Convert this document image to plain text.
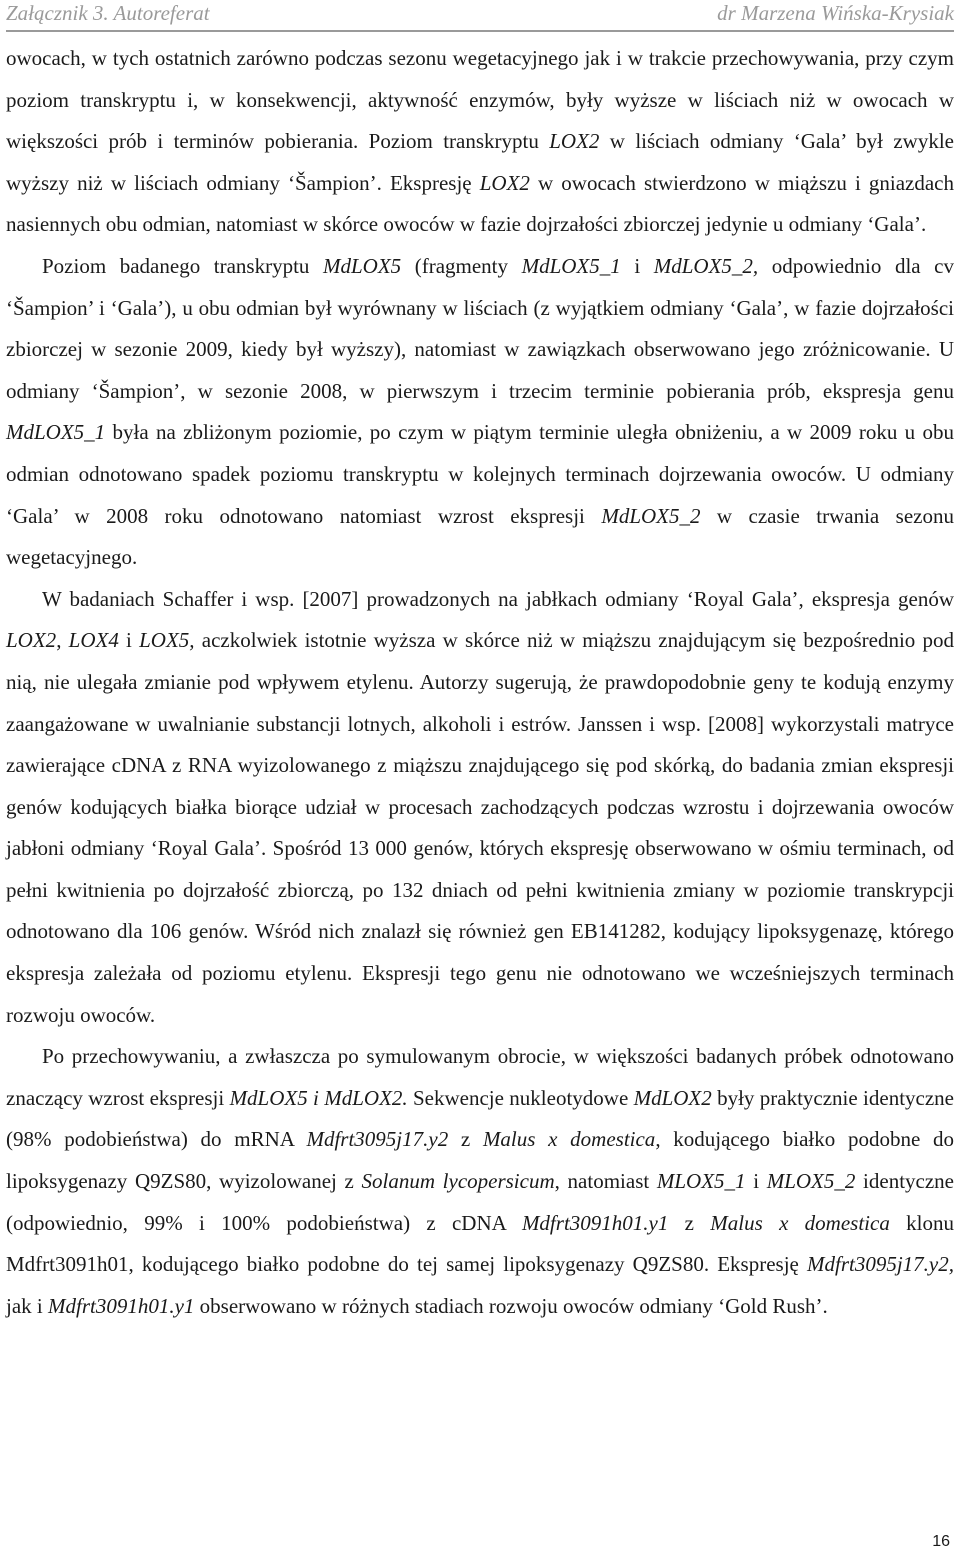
Załącznik 3. Autoreferat	dr Marzena Wińska-Krysiak

owocach, w tych ostatnich zarówno podczas sezonu wegetacyjnego jak i w trakcie przechowywania, przy czym poziom transkryptu i, w konsekwencji, aktywność enzymów, były wyższe w liściach niż w owocach w większości prób i terminów pobierania. Poziom transkryptu LOX2 w liściach odmiany ‘Gala’ był zwykle wyższy niż w liściach odmiany ‘Šampion’. Ekspresję LOX2 w owocach stwierdzono w miąższu i gniazdach nasiennych obu odmian, natomiast w skórce owoców w fazie dojrzałości zbiorczej jedynie u odmiany ‘Gala’.

Poziom badanego transkryptu MdLOX5 (fragmenty MdLOX5_1 i MdLOX5_2, odpowiednio dla cv ‘Šampion’ i ‘Gala’), u obu odmian był wyrównany w liściach (z wyjątkiem odmiany ‘Gala’, w fazie dojrzałości zbiorczej w sezonie 2009, kiedy był wyższy), natomiast w zawiązkach obserwowano jego zróżnicowanie. U odmiany ‘Šampion’, w sezonie 2008, w pierwszym i trzecim terminie pobierania prób, ekspresja genu MdLOX5_1 była na zbliżonym poziomie, po czym w piątym terminie uległa obniżeniu, a w 2009 roku u obu odmian odnotowano spadek poziomu transkryptu w kolejnych terminach dojrzewania owoców. U odmiany ‘Gala’ w 2008 roku odnotowano natomiast wzrost ekspresji MdLOX5_2 w czasie trwania sezonu wegetacyjnego.

W badaniach Schaffer i wsp. [2007] prowadzonych na jabłkach odmiany ‘Royal Gala’, ekspresja genów LOX2, LOX4 i LOX5, aczkolwiek istotnie wyższa w skórce niż w miąższu znajdującym się bezpośrednio pod nią, nie ulegała zmianie pod wpływem etylenu. Autorzy sugerują, że prawdopodobnie geny te kodują enzymy zaangażowane w uwalnianie substancji lotnych, alkoholi i estrów. Janssen i wsp. [2008] wykorzystali matryce zawierające cDNA z RNA wyizolowanego z miąższu znajdującego się pod skórką, do badania zmian ekspresji genów kodujących białka biorące udział w procesach zachodzących podczas wzrostu i dojrzewania owoców jabłoni odmiany ‘Royal Gala’. Spośród 13 000 genów, których ekspresję obserwowano w ośmiu terminach, od pełni kwitnienia po dojrzałość zbiorczą, po 132 dniach od pełni kwitnienia zmiany w poziomie transkrypcji odnotowano dla 106 genów. Wśród nich znalazł się również gen EB141282, kodujący lipoksygenazę, którego ekspresja zależała od poziomu etylenu. Ekspresji tego genu nie odnotowano we wcześniejszych terminach rozwoju owoców.

Po przechowywaniu, a zwłaszcza po symulowanym obrocie, w większości badanych próbek odnotowano znaczący wzrost ekspresji MdLOX5 i MdLOX2. Sekwencje nukleotydowe MdLOX2 były praktycznie identyczne (98% podobieństwa) do mRNA Mdfrt3095j17.y2 z Malus x domestica, kodującego białko podobne do lipoksygenazy Q9ZS80, wyizolowanej z Solanum lycopersicum, natomiast MLOX5_1 i MLOX5_2 identyczne (odpowiednio, 99% i 100% podobieństwa) z cDNA Mdfrt3091h01.y1 z Malus x domestica klonu Mdfrt3091h01, kodującego białko podobne do tej samej lipoksygenazy Q9ZS80. Ekspresję Mdfrt3095j17.y2, jak i Mdfrt3091h01.y1 obserwowano w różnych stadiach rozwoju owoców odmiany ‘Gold Rush’.

16
